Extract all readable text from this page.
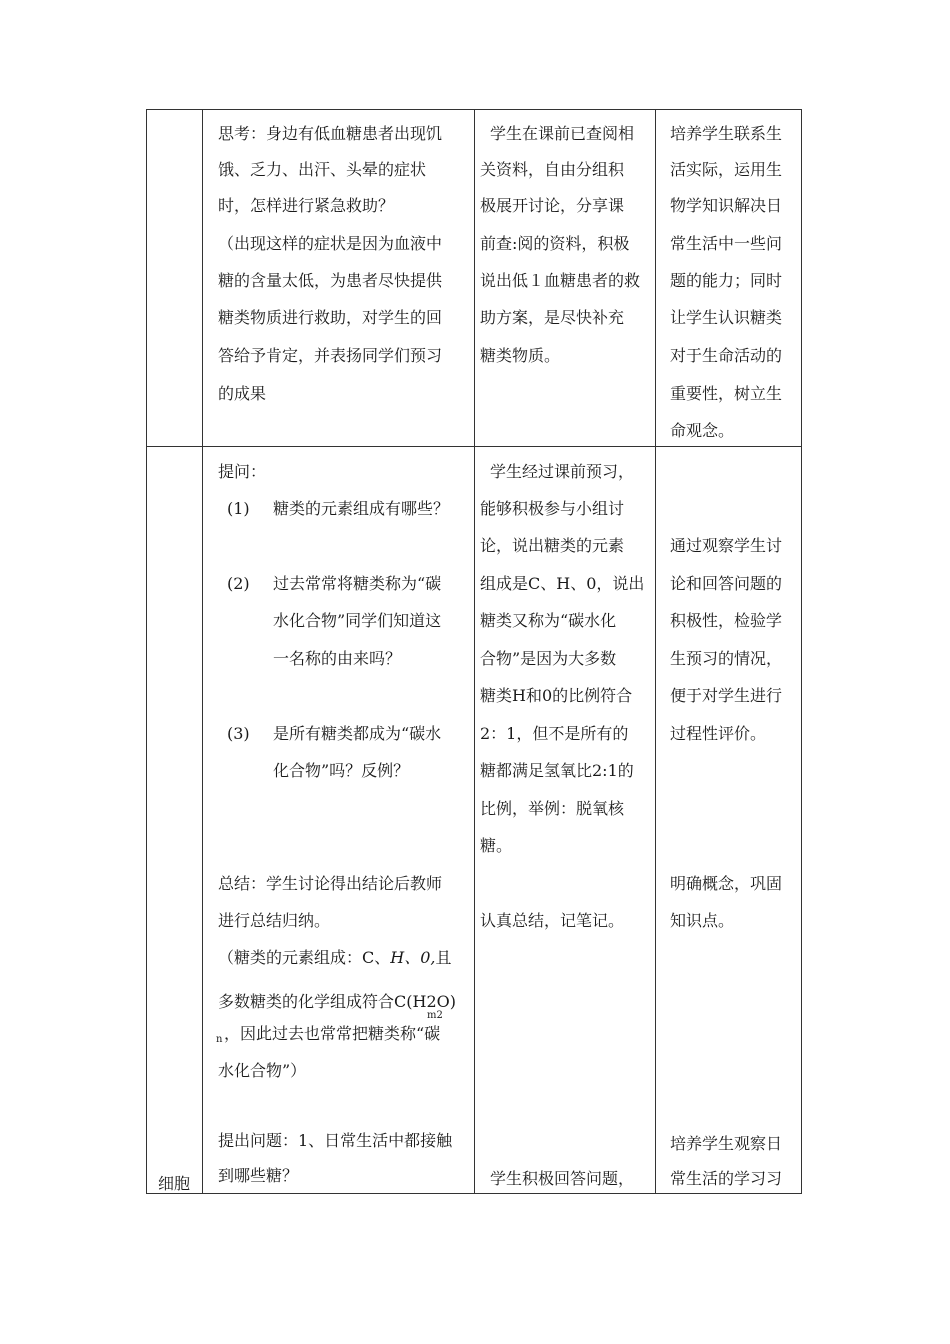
思考：身边有低血糖患者出现饥
饿、乏力、出汗、头晕的症状
时，怎样进行紧急救助？
（出现这样的症状是因为血液中
糖的含量太低，为患者尽快提供
糖类物质进行救助，对学生的回
答给予肯定，并表扬同学们预习
的成果
学生在课前已查阅相
关资料，自由分组积
极展开讨论，分享课
前查:阅的资料，积极
说出低１血糖患者的救
助方案，是尽快补充
糖类物质。
培养学生联系生
活实际，运用生
物学知识解决日
常生活中一些问
题的能力；同时
让学生认识糖类
对于生命活动的
重要性，树立生
命观念。
细胞
提问：
(1) 糖类的元素组成有哪些？
(2) 过去常常将糖类称为“碳
水化合物”同学们知道这
一名称的由来吗？
(3) 是所有糖类都成为“碳水
化合物”吗？反例？
总结：学生讨论得出结论后教师
进行总结归纳。
（糖类的元素组成：C、H、0,且
多数糖类的化学组成符合C(H2O)
m2
n ，因此过去也常常把糖类称“碳
水化合物”）
提出问题：1、日常生活中都接触
到哪些糖？
学生经过课前预习，
能够积极参与小组讨
论，说出糖类的元素
组成是C、H、0，说出
糖类又称为“碳水化
合物”是因为大多数
糖类H和0的比例符合
2：1，但不是所有的
糖都满足氢氧比2:1的
比例，举例：脱氧核
糖。
认真总结，记笔记。
学生积极回答问题，
通过观察学生讨
论和回答问题的
积极性，检验学
生预习的情况，
便于对学生进行
过程性评价。
明确概念，巩固
知识点。
培养学生观察日
常生活的学习习
